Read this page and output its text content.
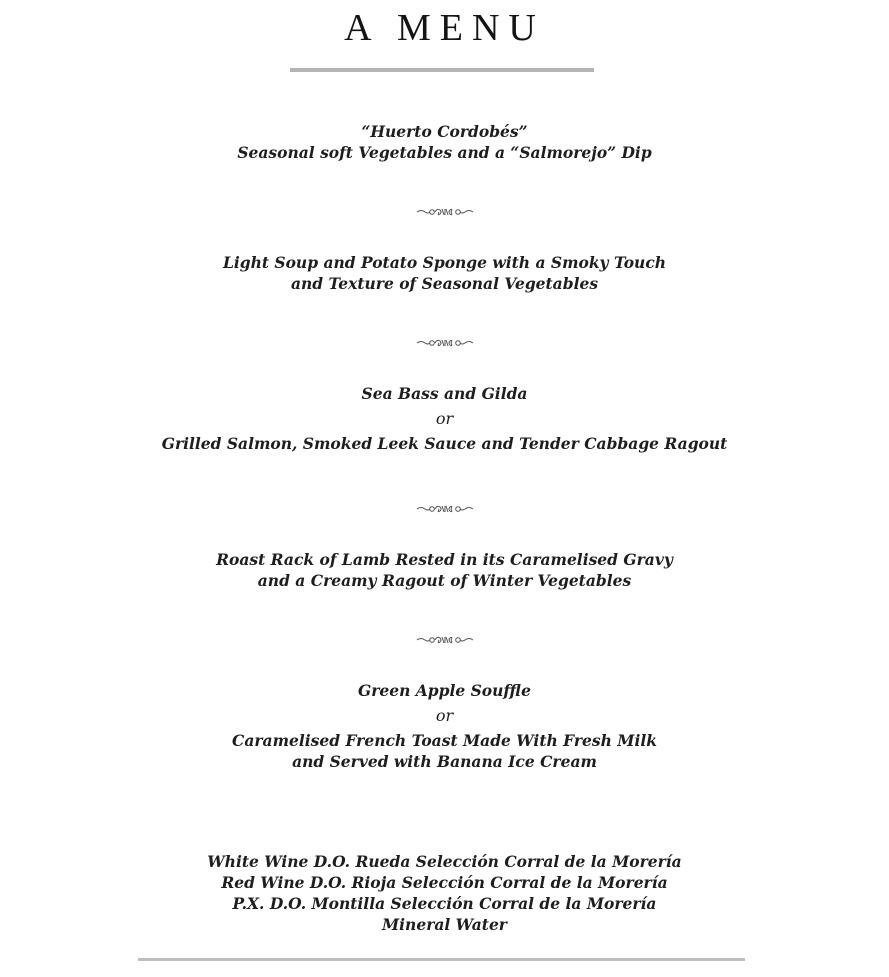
A MENU
“Huerto Cordobés”
Seasonal soft Vegetables and a “Salmorejo” Dip
Light Soup and Potato Sponge with a Smoky Touch
and Texture of Seasonal Vegetables
Sea Bass and Gilda
or
Grilled Salmon, Smoked Leek Sauce and Tender Cabbage Ragout
Roast Rack of Lamb Rested in its Caramelised Gravy
and a Creamy Ragout of Winter Vegetables
Green Apple Souffle
or
Caramelised French Toast Made With Fresh Milk
and Served with Banana Ice Cream
White Wine D.O. Rueda Selección Corral de la Morería
Red Wine D.O. Rioja Selección Corral de la Morería
P.X. D.O. Montilla Selección Corral de la Morería
Mineral Water
